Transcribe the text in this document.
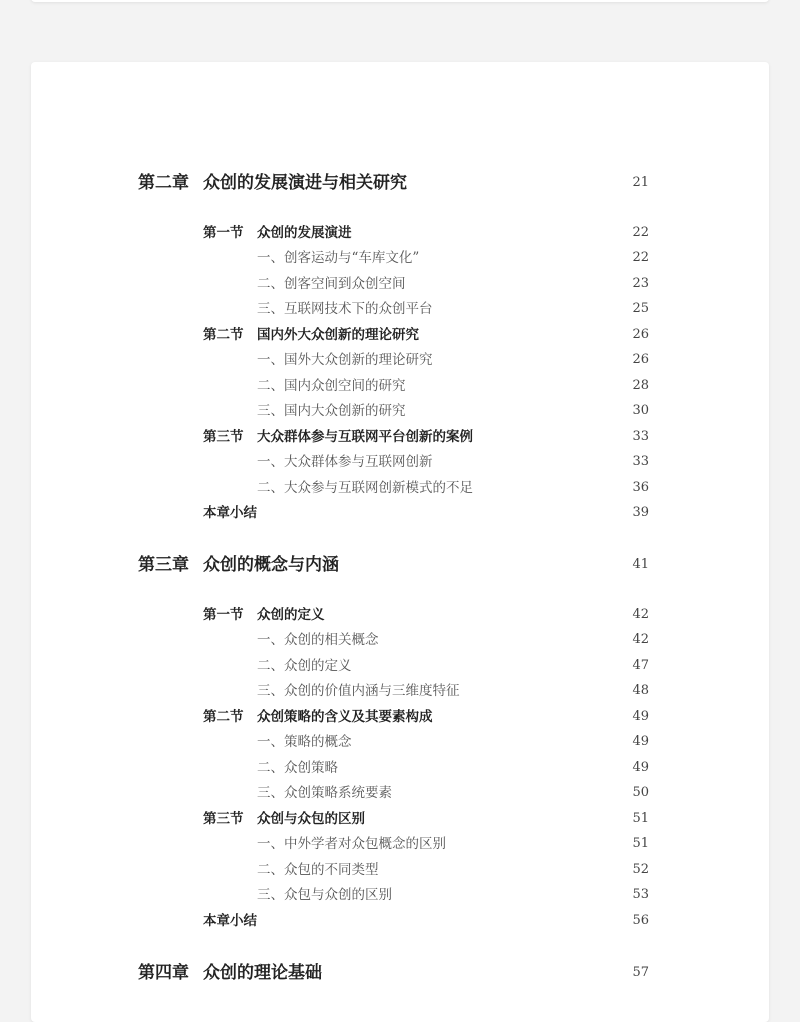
第二章 众创的发展演进与相关研究	21
第一节 众创的发展演进	22
一、创客运动与“车库文化”	22
二、创客空间到众创空间	23
三、互联网技术下的众创平台	25
第二节 国内外大众创新的理论研究	26
一、国外大众创新的理论研究	26
二、国内众创空间的研究	28
三、国内大众创新的研究	30
第三节 大众群体参与互联网平台创新的案例	33
一、大众群体参与互联网创新	33
二、大众参与互联网创新模式的不足	36
本章小结	39
第三章 众创的概念与内涵	41
第一节 众创的定义	42
一、众创的相关概念	42
二、众创的定义	47
三、众创的价值内涵与三维度特征	48
第二节 众创策略的含义及其要素构成	49
一、策略的概念	49
二、众创策略	49
三、众创策略系统要素	50
第三节 众创与众包的区别	51
一、中外学者对众包概念的区别	51
二、众包的不同类型	52
三、众包与众创的区别	53
本章小结	56
第四章 众创的理论基础	57
